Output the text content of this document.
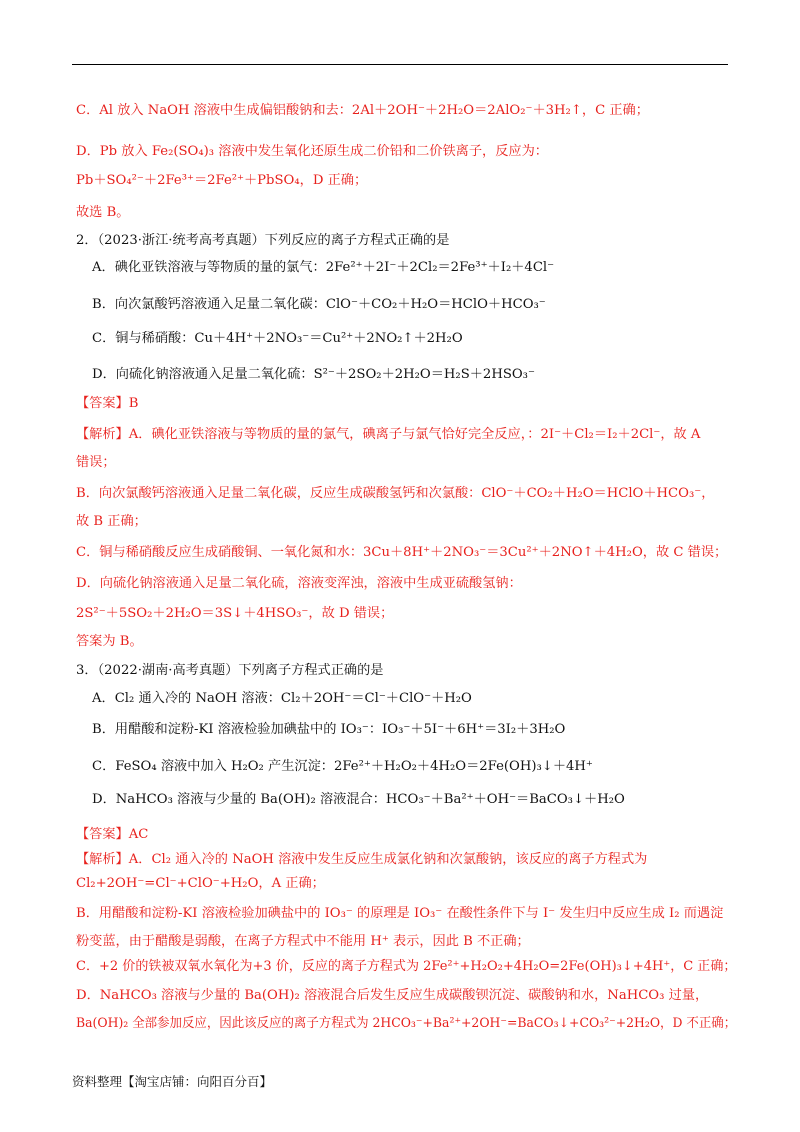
C．Al 放入 NaOH 溶液中生成偏铝酸钠和去：2Al＋2OH⁻＋2H₂O＝2AlO₂⁻＋3H₂↑，C 正确；
D．Pb 放入 Fe₂(SO₄)₃ 溶液中发生氧化还原生成二价铅和二价铁离子，反应为：
Pb＋SO₄²⁻＋2Fe³⁺＝2Fe²⁺＋PbSO₄，D 正确；
故选 B。
2．（2023·浙江·统考高考真题）下列反应的离子方程式正确的是
A．碘化亚铁溶液与等物质的量的氯气：2Fe²⁺＋2I⁻＋2Cl₂＝2Fe³⁺＋I₂＋4Cl⁻
B．向次氯酸钙溶液通入足量二氧化碳：ClO⁻＋CO₂＋H₂O＝HClO＋HCO₃⁻
C．铜与稀硝酸：Cu＋4H⁺＋2NO₃⁻＝Cu²⁺＋2NO₂↑＋2H₂O
D．向硫化钠溶液通入足量二氧化硫：S²⁻＋2SO₂＋2H₂O＝H₂S＋2HSO₃⁻
【答案】B
【解析】A．碘化亚铁溶液与等物质的量的氯气，碘离子与氯气恰好完全反应，：2I⁻＋Cl₂＝I₂＋2Cl⁻，故 A
错误；
B．向次氯酸钙溶液通入足量二氧化碳，反应生成碳酸氢钙和次氯酸：ClO⁻＋CO₂＋H₂O＝HClO＋HCO₃⁻，
故 B 正确；
C．铜与稀硝酸反应生成硝酸铜、一氧化氮和水：3Cu＋8H⁺＋2NO₃⁻＝3Cu²⁺＋2NO↑＋4H₂O，故 C 错误；
D．向硫化钠溶液通入足量二氧化硫，溶液变浑浊，溶液中生成亚硫酸氢钠：
2S²⁻＋5SO₂＋2H₂O＝3S↓＋4HSO₃⁻，故 D 错误；
答案为 B。
3．（2022·湖南·高考真题）下列离子方程式正确的是
A．Cl₂ 通入冷的 NaOH 溶液：Cl₂＋2OH⁻＝Cl⁻＋ClO⁻＋H₂O
B．用醋酸和淀粉-KI 溶液检验加碘盐中的 IO₃⁻：IO₃⁻＋5I⁻＋6H⁺＝3I₂＋3H₂O
C．FeSO₄ 溶液中加入 H₂O₂ 产生沉淀：2Fe²⁺＋H₂O₂＋4H₂O＝2Fe(OH)₃↓＋4H⁺
D．NaHCO₃ 溶液与少量的 Ba(OH)₂ 溶液混合：HCO₃⁻＋Ba²⁺＋OH⁻＝BaCO₃↓＋H₂O
【答案】AC
【解析】A．Cl₂ 通入冷的 NaOH 溶液中发生反应生成氯化钠和次氯酸钠，该反应的离子方程式为
Cl₂+2OH⁻=Cl⁻+ClO⁻+H₂O，A 正确；
B．用醋酸和淀粉-KI 溶液检验加碘盐中的 IO₃⁻ 的原理是 IO₃⁻ 在酸性条件下与 I⁻ 发生归中反应生成 I₂ 而遇淀
粉变蓝，由于醋酸是弱酸，在离子方程式中不能用 H⁺ 表示，因此 B 不正确；
C．+2 价的铁被双氧水氧化为+3 价，反应的离子方程式为 2Fe²⁺+H₂O₂+4H₂O=2Fe(OH)₃↓+4H⁺，C 正确；
D．NaHCO₃ 溶液与少量的 Ba(OH)₂ 溶液混合后发生反应生成碳酸钡沉淀、碳酸钠和水，NaHCO₃ 过量，
Ba(OH)₂ 全部参加反应，因此该反应的离子方程式为 2HCO₃⁻+Ba²⁺+2OH⁻=BaCO₃↓+CO₃²⁻+2H₂O，D 不正确；
资料整理【淘宝店铺：向阳百分百】
